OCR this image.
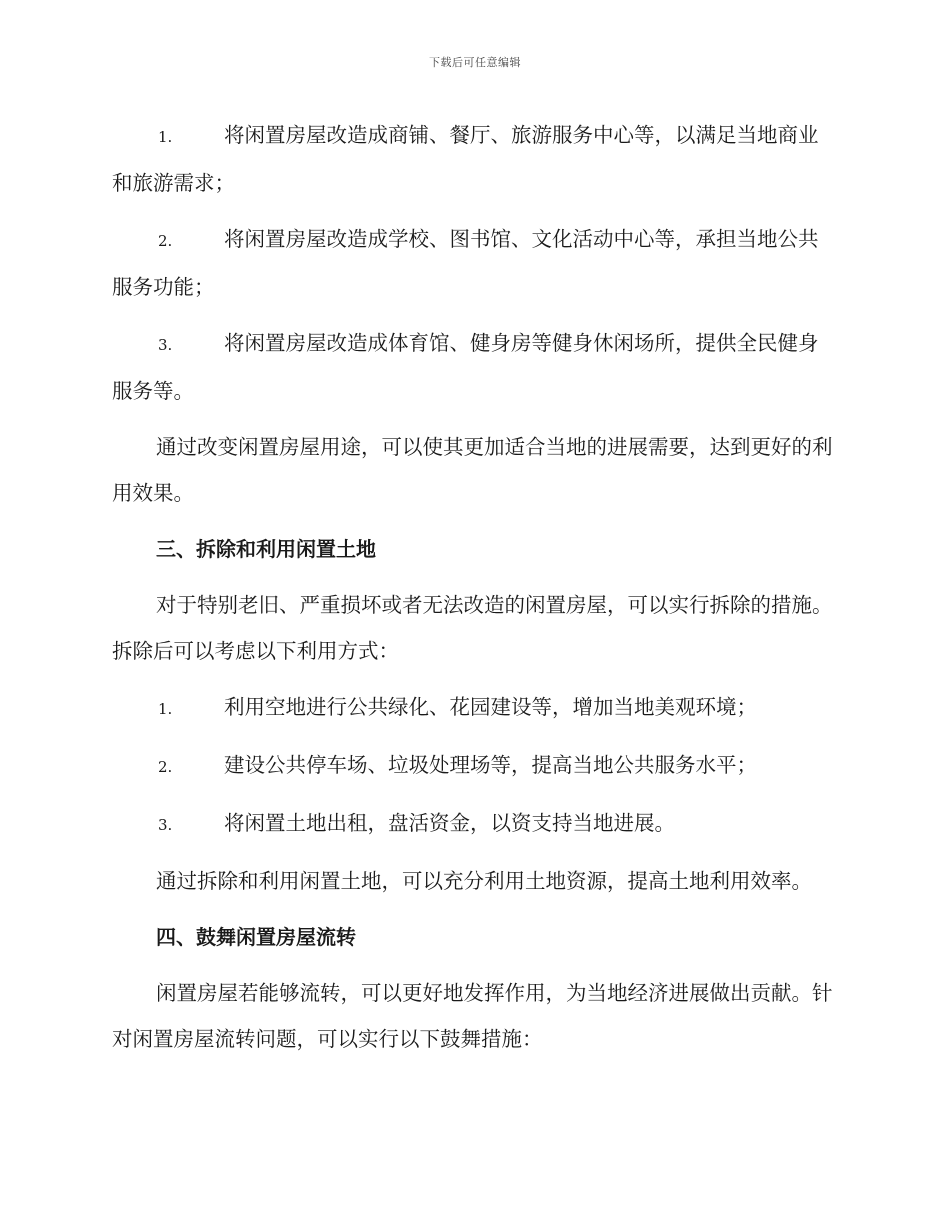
下载后可任意编辑
1.	将闲置房屋改造成商铺、餐厅、旅游服务中心等，以满足当地商业和旅游需求；
2.	将闲置房屋改造成学校、图书馆、文化活动中心等，承担当地公共服务功能；
3.	将闲置房屋改造成体育馆、健身房等健身休闲场所，提供全民健身服务等。
通过改变闲置房屋用途，可以使其更加适合当地的进展需要，达到更好的利用效果。
三、拆除和利用闲置土地
对于特别老旧、严重损坏或者无法改造的闲置房屋，可以实行拆除的措施。拆除后可以考虑以下利用方式：
1.	利用空地进行公共绿化、花园建设等，增加当地美观环境；
2.	建设公共停车场、垃圾处理场等，提高当地公共服务水平；
3.	将闲置土地出租，盘活资金，以资支持当地进展。
通过拆除和利用闲置土地，可以充分利用土地资源，提高土地利用效率。
四、鼓舞闲置房屋流转
闲置房屋若能够流转，可以更好地发挥作用，为当地经济进展做出贡献。针对闲置房屋流转问题，可以实行以下鼓舞措施：
